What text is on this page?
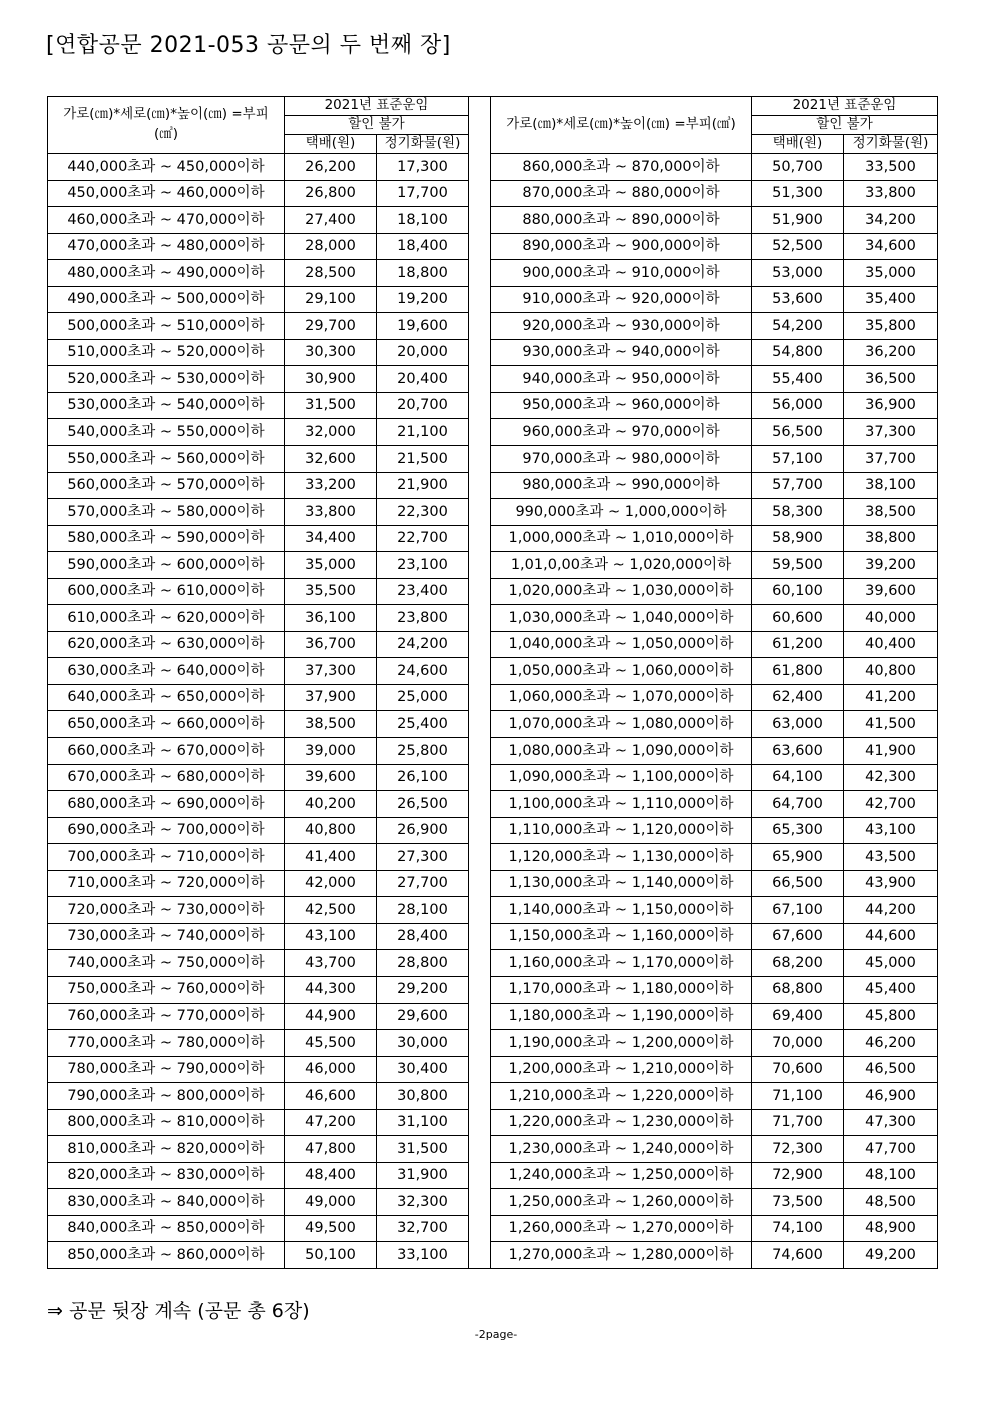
[연합공문 2021-053 공문의 두 번째 장]
가로(㎝)*세로(㎝)*높이(㎝) =부피(㎤)	2021년 표준운임			가로(㎝)*세로(㎝)*높이(㎝) =부피(㎤)	2021년 표준운임	
	할인 불가				할인 불가	
	택배(원)	정기화물(원)			택배(원)	정기화물(원)
440,000초과 ~ 450,000이하	26,200	17,300		860,000초과 ~ 870,000이하	50,700	33,500
450,000초과 ~ 460,000이하	26,800	17,700		870,000초과 ~ 880,000이하	51,300	33,800
460,000초과 ~ 470,000이하	27,400	18,100		880,000초과 ~ 890,000이하	51,900	34,200
470,000초과 ~ 480,000이하	28,000	18,400		890,000초과 ~ 900,000이하	52,500	34,600
480,000초과 ~ 490,000이하	28,500	18,800		900,000초과 ~ 910,000이하	53,000	35,000
490,000초과 ~ 500,000이하	29,100	19,200		910,000초과 ~ 920,000이하	53,600	35,400
500,000초과 ~ 510,000이하	29,700	19,600		920,000초과 ~ 930,000이하	54,200	35,800
510,000초과 ~ 520,000이하	30,300	20,000		930,000초과 ~ 940,000이하	54,800	36,200
520,000초과 ~ 530,000이하	30,900	20,400		940,000초과 ~ 950,000이하	55,400	36,500
530,000초과 ~ 540,000이하	31,500	20,700		950,000초과 ~ 960,000이하	56,000	36,900
540,000초과 ~ 550,000이하	32,000	21,100		960,000초과 ~ 970,000이하	56,500	37,300
550,000초과 ~ 560,000이하	32,600	21,500		970,000초과 ~ 980,000이하	57,100	37,700
560,000초과 ~ 570,000이하	33,200	21,900		980,000초과 ~ 990,000이하	57,700	38,100
570,000초과 ~ 580,000이하	33,800	22,300		990,000초과 ~ 1,000,000이하	58,300	38,500
580,000초과 ~ 590,000이하	34,400	22,700		1,000,000초과 ~ 1,010,000이하	58,900	38,800
590,000초과 ~ 600,000이하	35,000	23,100		1,01,0,00초과 ~ 1,020,000이하	59,500	39,200
600,000초과 ~ 610,000이하	35,500	23,400		1,020,000초과 ~ 1,030,000이하	60,100	39,600
610,000초과 ~ 620,000이하	36,100	23,800		1,030,000초과 ~ 1,040,000이하	60,600	40,000
620,000초과 ~ 630,000이하	36,700	24,200		1,040,000초과 ~ 1,050,000이하	61,200	40,400
630,000초과 ~ 640,000이하	37,300	24,600		1,050,000초과 ~ 1,060,000이하	61,800	40,800
640,000초과 ~ 650,000이하	37,900	25,000		1,060,000초과 ~ 1,070,000이하	62,400	41,200
650,000초과 ~ 660,000이하	38,500	25,400		1,070,000초과 ~ 1,080,000이하	63,000	41,500
660,000초과 ~ 670,000이하	39,000	25,800		1,080,000초과 ~ 1,090,000이하	63,600	41,900
670,000초과 ~ 680,000이하	39,600	26,100		1,090,000초과 ~ 1,100,000이하	64,100	42,300
680,000초과 ~ 690,000이하	40,200	26,500		1,100,000초과 ~ 1,110,000이하	64,700	42,700
690,000초과 ~ 700,000이하	40,800	26,900		1,110,000초과 ~ 1,120,000이하	65,300	43,100
700,000초과 ~ 710,000이하	41,400	27,300		1,120,000초과 ~ 1,130,000이하	65,900	43,500
710,000초과 ~ 720,000이하	42,000	27,700		1,130,000초과 ~ 1,140,000이하	66,500	43,900
720,000초과 ~ 730,000이하	42,500	28,100		1,140,000초과 ~ 1,150,000이하	67,100	44,200
730,000초과 ~ 740,000이하	43,100	28,400		1,150,000초과 ~ 1,160,000이하	67,600	44,600
740,000초과 ~ 750,000이하	43,700	28,800		1,160,000초과 ~ 1,170,000이하	68,200	45,000
750,000초과 ~ 760,000이하	44,300	29,200		1,170,000초과 ~ 1,180,000이하	68,800	45,400
760,000초과 ~ 770,000이하	44,900	29,600		1,180,000초과 ~ 1,190,000이하	69,400	45,800
770,000초과 ~ 780,000이하	45,500	30,000		1,190,000초과 ~ 1,200,000이하	70,000	46,200
780,000초과 ~ 790,000이하	46,000	30,400		1,200,000초과 ~ 1,210,000이하	70,600	46,500
790,000초과 ~ 800,000이하	46,600	30,800		1,210,000초과 ~ 1,220,000이하	71,100	46,900
800,000초과 ~ 810,000이하	47,200	31,100		1,220,000초과 ~ 1,230,000이하	71,700	47,300
810,000초과 ~ 820,000이하	47,800	31,500		1,230,000초과 ~ 1,240,000이하	72,300	47,700
820,000초과 ~ 830,000이하	48,400	31,900		1,240,000초과 ~ 1,250,000이하	72,900	48,100
830,000초과 ~ 840,000이하	49,000	32,300		1,250,000초과 ~ 1,260,000이하	73,500	48,500
840,000초과 ~ 850,000이하	49,500	32,700		1,260,000초과 ~ 1,270,000이하	74,100	48,900
850,000초과 ~ 860,000이하	50,100	33,100		1,270,000초과 ~ 1,280,000이하	74,600	49,200
⇒ 공문 뒷장 계속 (공문 총 6장)
-2page-
